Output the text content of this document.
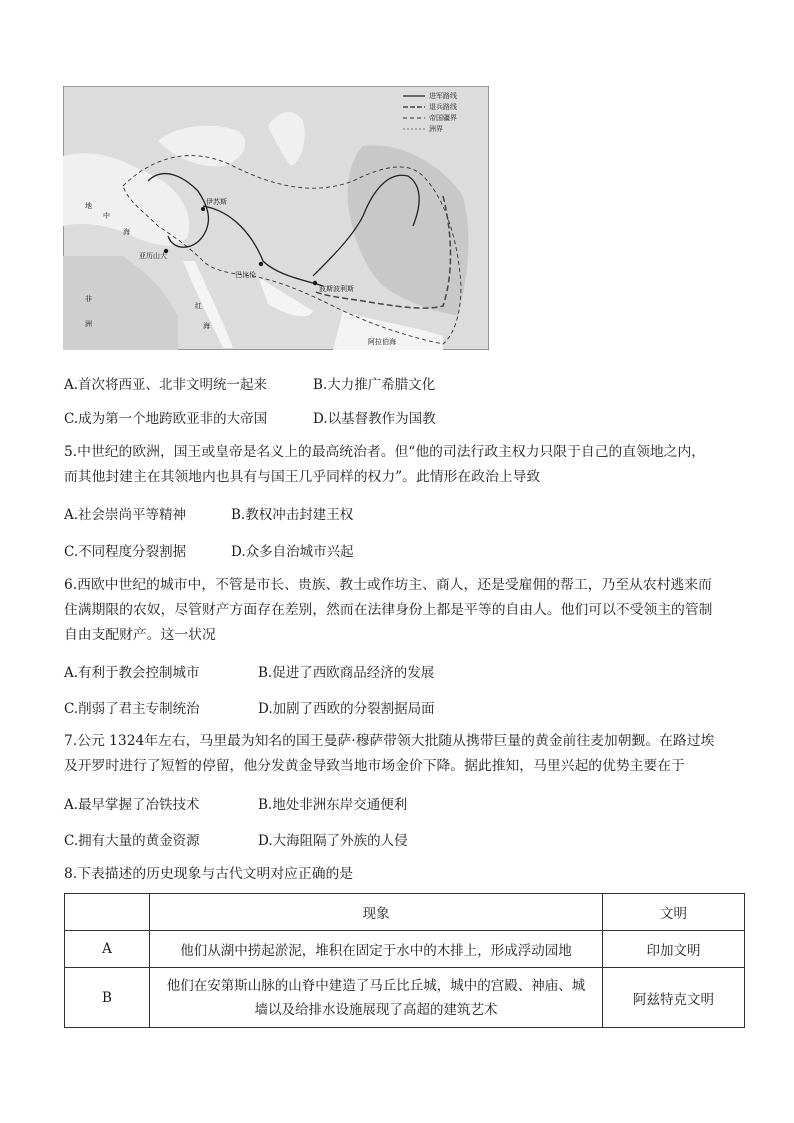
亚历山大
巴比伦
波斯波利斯
伊苏斯
地
中
海
红
海
阿拉伯海
非
洲
进军路线
退兵路线
帝国疆界
洲界
A.首次将西亚、北非文明统一起来	B.大力推广希腊文化
C.成为第一个地跨欧亚非的大帝国	D.以基督教作为国教
5.中世纪的欧洲，国王或皇帝是名义上的最高统治者。但“他的司法行政主权力只限于自己的直领地之内，
而其他封建主在其领地内也具有与国王几乎同样的权力”。此情形在政治上导致
A.社会崇尚平等精神	B.教权冲击封建王权
C.不同程度分裂割据	D.众多自治城市兴起
6.西欧中世纪的城市中，不管是市长、贵族、教士或作坊主、商人，还是受雇佣的帮工，乃至从农村逃来而
住满期限的农奴，尽管财产方面存在差别，然而在法律身份上都是平等的自由人。他们可以不受领主的管制
自由支配财产。这一状况
A.有利于教会控制城市	B.促进了西欧商品经济的发展
C.削弱了君主专制统治	D.加剧了西欧的分裂割据局面
7.公元 1324年左右，马里最为知名的国王曼萨·穆萨带领大批随从携带巨量的黄金前往麦加朝觐。在路过埃
及开罗时进行了短暂的停留，他分发黄金导致当地市场金价下降。据此推知，马里兴起的优势主要在于
A.最早掌握了冶铁技术	B.地处非洲东岸交通便利
C.拥有大量的黄金资源	D.大海阻隔了外族的人侵
8.下表描述的历史现象与古代文明对应正确的是
	现象	文明
A	他们从湖中捞起淤泥，堆积在固定于水中的木排上，形成浮动园地	印加文明
B	他们在安第斯山脉的山脊中建造了马丘比丘城，城中的宫殿、神庙、城
墙以及给排水设施展现了高超的建筑艺术	阿兹特克文明
